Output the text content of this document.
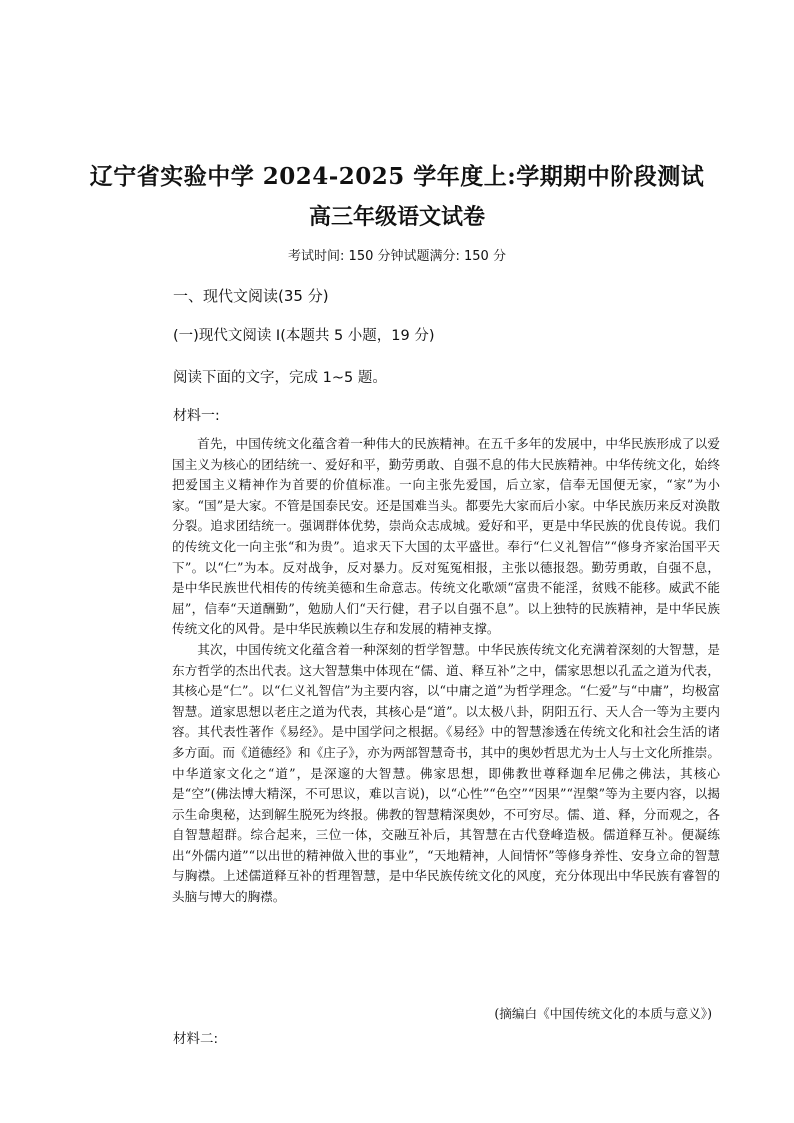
辽宁省实验中学 2024-2025 学年度上:学期期中阶段测试
高三年级语文试卷
考试时间: 150 分钟试题满分: 150 分
一、现代文阅读(35 分)
(一)现代文阅读 I(本题共 5 小题，19 分)
阅读下面的文字，完成 1~5 题。
材料一:

首先，中国传统文化蕴含着一种伟大的民族精神。在五千多年的发展中，中华民族形成了以爱国主义为核心的团结统一、爱好和平，勤劳勇敢、自强不息的伟大民族精神。中华传统文化，始终把爱国主义精神作为首要的价值标准。一向主张先爱国，后立家，信奉无国便无家，“家”为小家。“国”是大家。不管是国泰民安。还是国难当头。都要先大家而后小家。中华民族历来反对涣散分裂。追求团结统一。强调群体优势，崇尚众志成城。爱好和平，更是中华民族的优良传说。我们的传统文化一向主张“和为贵”。追求天下大国的太平盛世。奉行“仁义礼智信”“修身齐家治国平天下”。以“仁”为本。反对战争，反对暴力。反对冤冤相报，主张以德报怨。勤劳勇敢，自强不息，是中华民族世代相传的传统美德和生命意志。传统文化歌颂“富贵不能淫，贫贱不能移。威武不能屈”，信奉“天道酬勤”，勉励人们“天行健，君子以自强不息”。以上独特的民族精神，是中华民族传统文化的风骨。是中华民族赖以生存和发展的精神支撑。

其次，中国传统文化蕴含着一种深刻的哲学智慧。中华民族传统文化充满着深刻的大智慧，是东方哲学的杰出代表。这大智慧集中体现在“儒、道、释互补”之中，儒家思想以孔孟之道为代表，其核心是“仁”。以“仁义礼智信”为主要内容，以“中庸之道”为哲学理念。“仁爱”与“中庸”，均极富智慧。道家思想以老庄之道为代表，其核心是“道”。以太极八卦，阴阳五行、天人合一等为主要内容。其代表性著作《易经》。是中国学问之根据。《易经》中的智慧渗透在传统文化和社会生活的诸多方面。而《道德经》和《庄子》，亦为两部智慧奇书，其中的奥妙哲思尤为士人与士文化所推崇。中华道家文化之“道”，是深邃的大智慧。佛家思想，即佛教世尊释迦牟尼佛之佛法，其核心是“空”(佛法博大精深，不可思议，难以言说)，以“心性”“色空”“因果”“涅槃”等为主要内容，以揭示生命奥秘，达到解生脱死为终报。佛教的智慧精深奥妙，不可穷尽。儒、道、释，分而观之，各自智慧超群。综合起来，三位一体，交融互补后，其智慧在古代登峰造极。儒道释互补。便凝练出“外儒内道”“以出世的精神做入世的事业”，“天地精神，人间情怀”等修身养性、安身立命的智慧与胸襟。上述儒道释互补的哲理智慧，是中华民族传统文化的风度，充分体现出中华民族有睿智的头脑与博大的胸襟。

(摘编白《中国传统文化的本质与意义》)
材料二:
